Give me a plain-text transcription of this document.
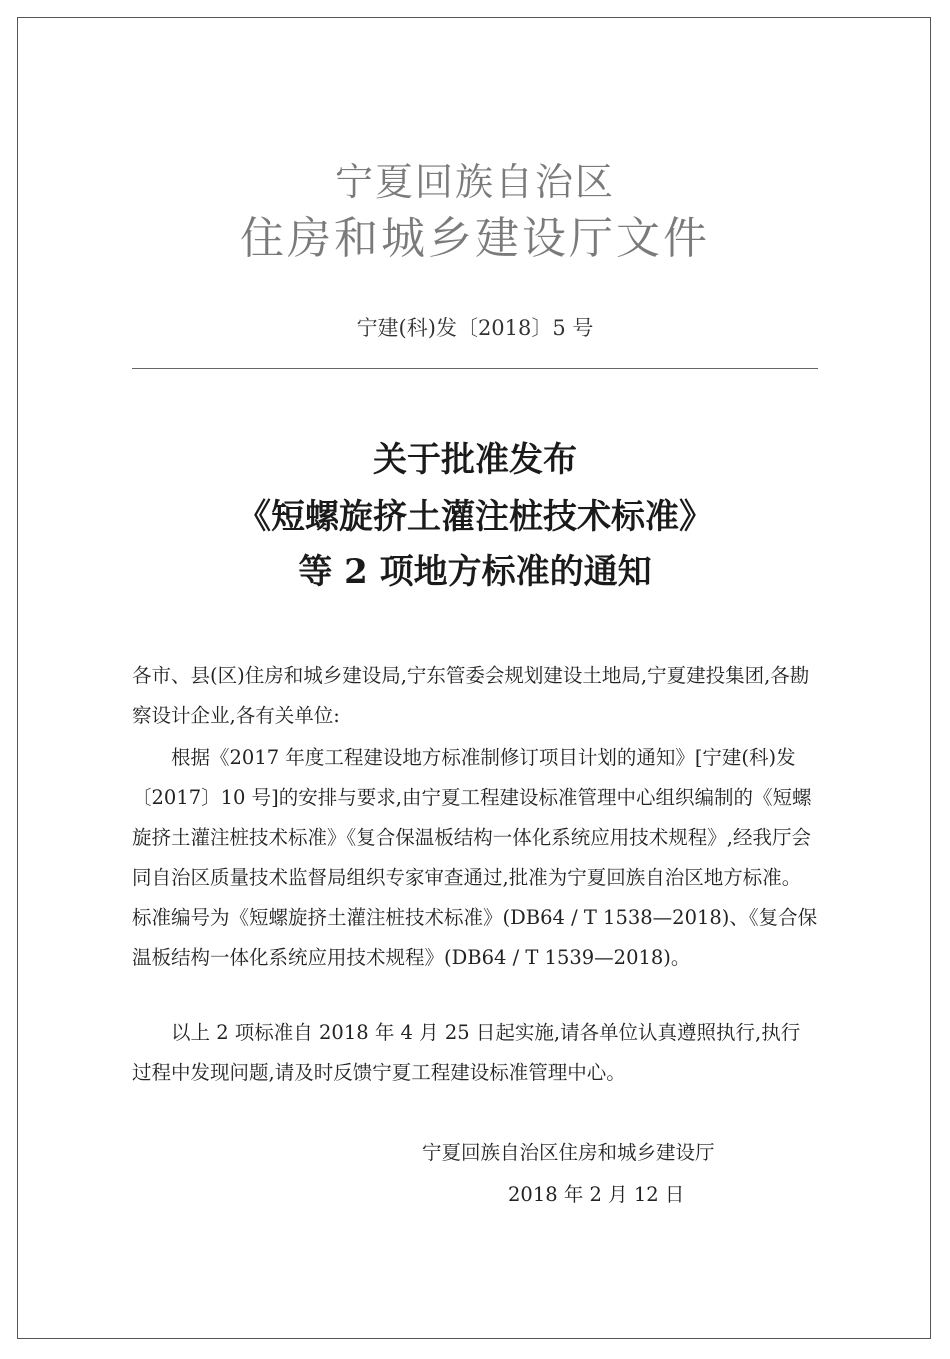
宁夏回族自治区
住房和城乡建设厅文件
宁建(科)发〔2018〕5 号
关于批准发布
《短螺旋挤土灌注桩技术标准》
等 2 项地方标准的通知
各市、县(区)住房和城乡建设局,宁东管委会规划建设土地局,宁夏建投集团,各勘察设计企业,各有关单位:
根据《2017 年度工程建设地方标准制修订项目计划的通知》[宁建(科)发〔2017〕10 号]的安排与要求,由宁夏工程建设标准管理中心组织编制的《短螺旋挤土灌注桩技术标准》《复合保温板结构一体化系统应用技术规程》,经我厅会同自治区质量技术监督局组织专家审查通过,批准为宁夏回族自治区地方标准。标准编号为《短螺旋挤土灌注桩技术标准》(DB64 / T 1538—2018)、《复合保温板结构一体化系统应用技术规程》(DB64 / T 1539—2018)。
以上 2 项标准自 2018 年 4 月 25 日起实施,请各单位认真遵照执行,执行过程中发现问题,请及时反馈宁夏工程建设标准管理中心。
宁夏回族自治区住房和城乡建设厅
2018 年 2 月 12 日
